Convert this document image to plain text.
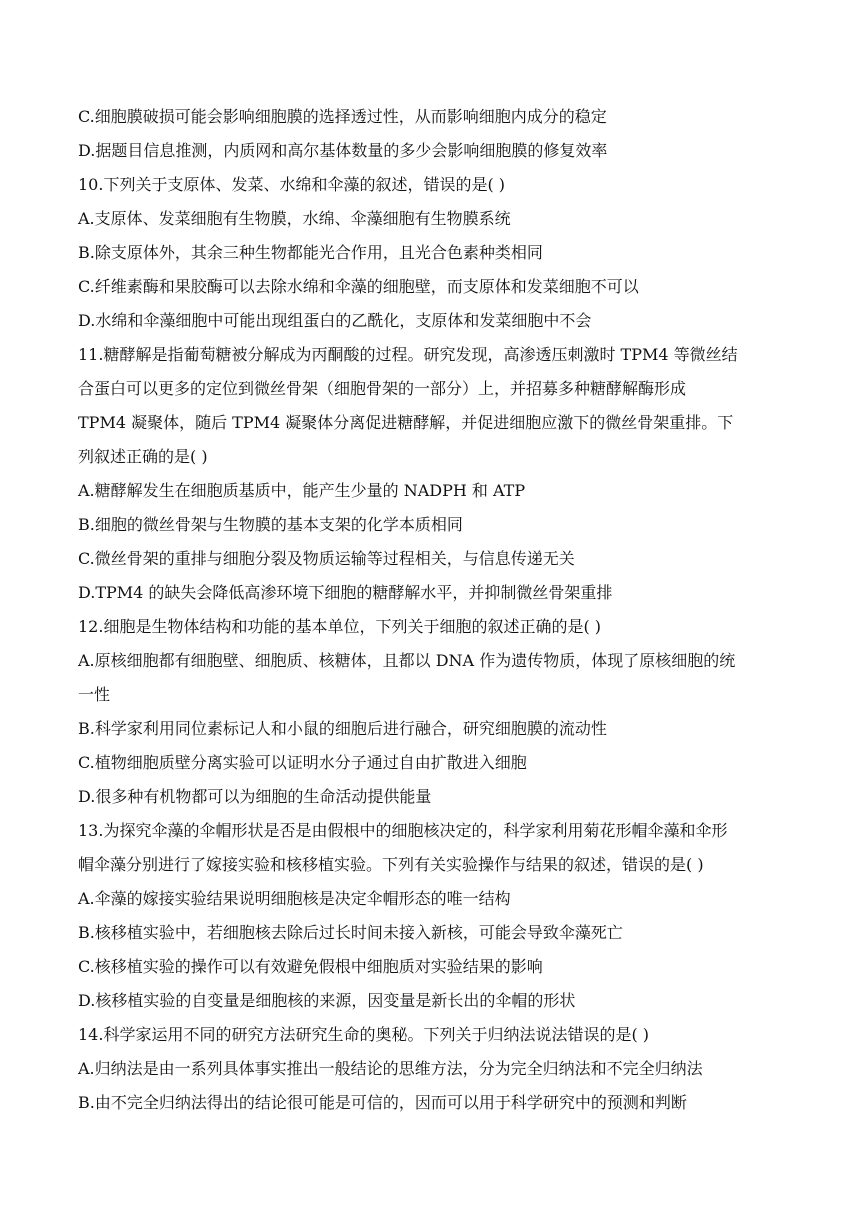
C.细胞膜破损可能会影响细胞膜的选择透过性，从而影响细胞内成分的稳定
D.据题目信息推测，内质网和高尔基体数量的多少会影响细胞膜的修复效率
10.下列关于支原体、发菜、水绵和伞藻的叙述，错误的是( )
A.支原体、发菜细胞有生物膜，水绵、伞藻细胞有生物膜系统
B.除支原体外，其余三种生物都能光合作用，且光合色素种类相同
C.纤维素酶和果胶酶可以去除水绵和伞藻的细胞壁，而支原体和发菜细胞不可以
D.水绵和伞藻细胞中可能出现组蛋白的乙酰化，支原体和发菜细胞中不会
11.糖酵解是指葡萄糖被分解成为丙酮酸的过程。研究发现，高渗透压刺激时 TPM4 等微丝结
合蛋白可以更多的定位到微丝骨架（细胞骨架的一部分）上，并招募多种糖酵解酶形成
TPM4 凝聚体，随后 TPM4 凝聚体分离促进糖酵解，并促进细胞应激下的微丝骨架重排。下
列叙述正确的是( )
A.糖酵解发生在细胞质基质中，能产生少量的 NADPH 和 ATP
B.细胞的微丝骨架与生物膜的基本支架的化学本质相同
C.微丝骨架的重排与细胞分裂及物质运输等过程相关，与信息传递无关
D.TPM4 的缺失会降低高渗环境下细胞的糖酵解水平，并抑制微丝骨架重排
12.细胞是生物体结构和功能的基本单位，下列关于细胞的叙述正确的是( )
A.原核细胞都有细胞壁、细胞质、核糖体，且都以 DNA 作为遗传物质，体现了原核细胞的统
一性
B.科学家利用同位素标记人和小鼠的细胞后进行融合，研究细胞膜的流动性
C.植物细胞质壁分离实验可以证明水分子通过自由扩散进入细胞
D.很多种有机物都可以为细胞的生命活动提供能量
13.为探究伞藻的伞帽形状是否是由假根中的细胞核决定的，科学家利用菊花形帽伞藻和伞形
帽伞藻分别进行了嫁接实验和核移植实验。下列有关实验操作与结果的叙述，错误的是( )
A.伞藻的嫁接实验结果说明细胞核是决定伞帽形态的唯一结构
B.核移植实验中，若细胞核去除后过长时间未接入新核，可能会导致伞藻死亡
C.核移植实验的操作可以有效避免假根中细胞质对实验结果的影响
D.核移植实验的自变量是细胞核的来源，因变量是新长出的伞帽的形状
14.科学家运用不同的研究方法研究生命的奥秘。下列关于归纳法说法错误的是( )
A.归纳法是由一系列具体事实推出一般结论的思维方法，分为完全归纳法和不完全归纳法
B.由不完全归纳法得出的结论很可能是可信的，因而可以用于科学研究中的预测和判断
